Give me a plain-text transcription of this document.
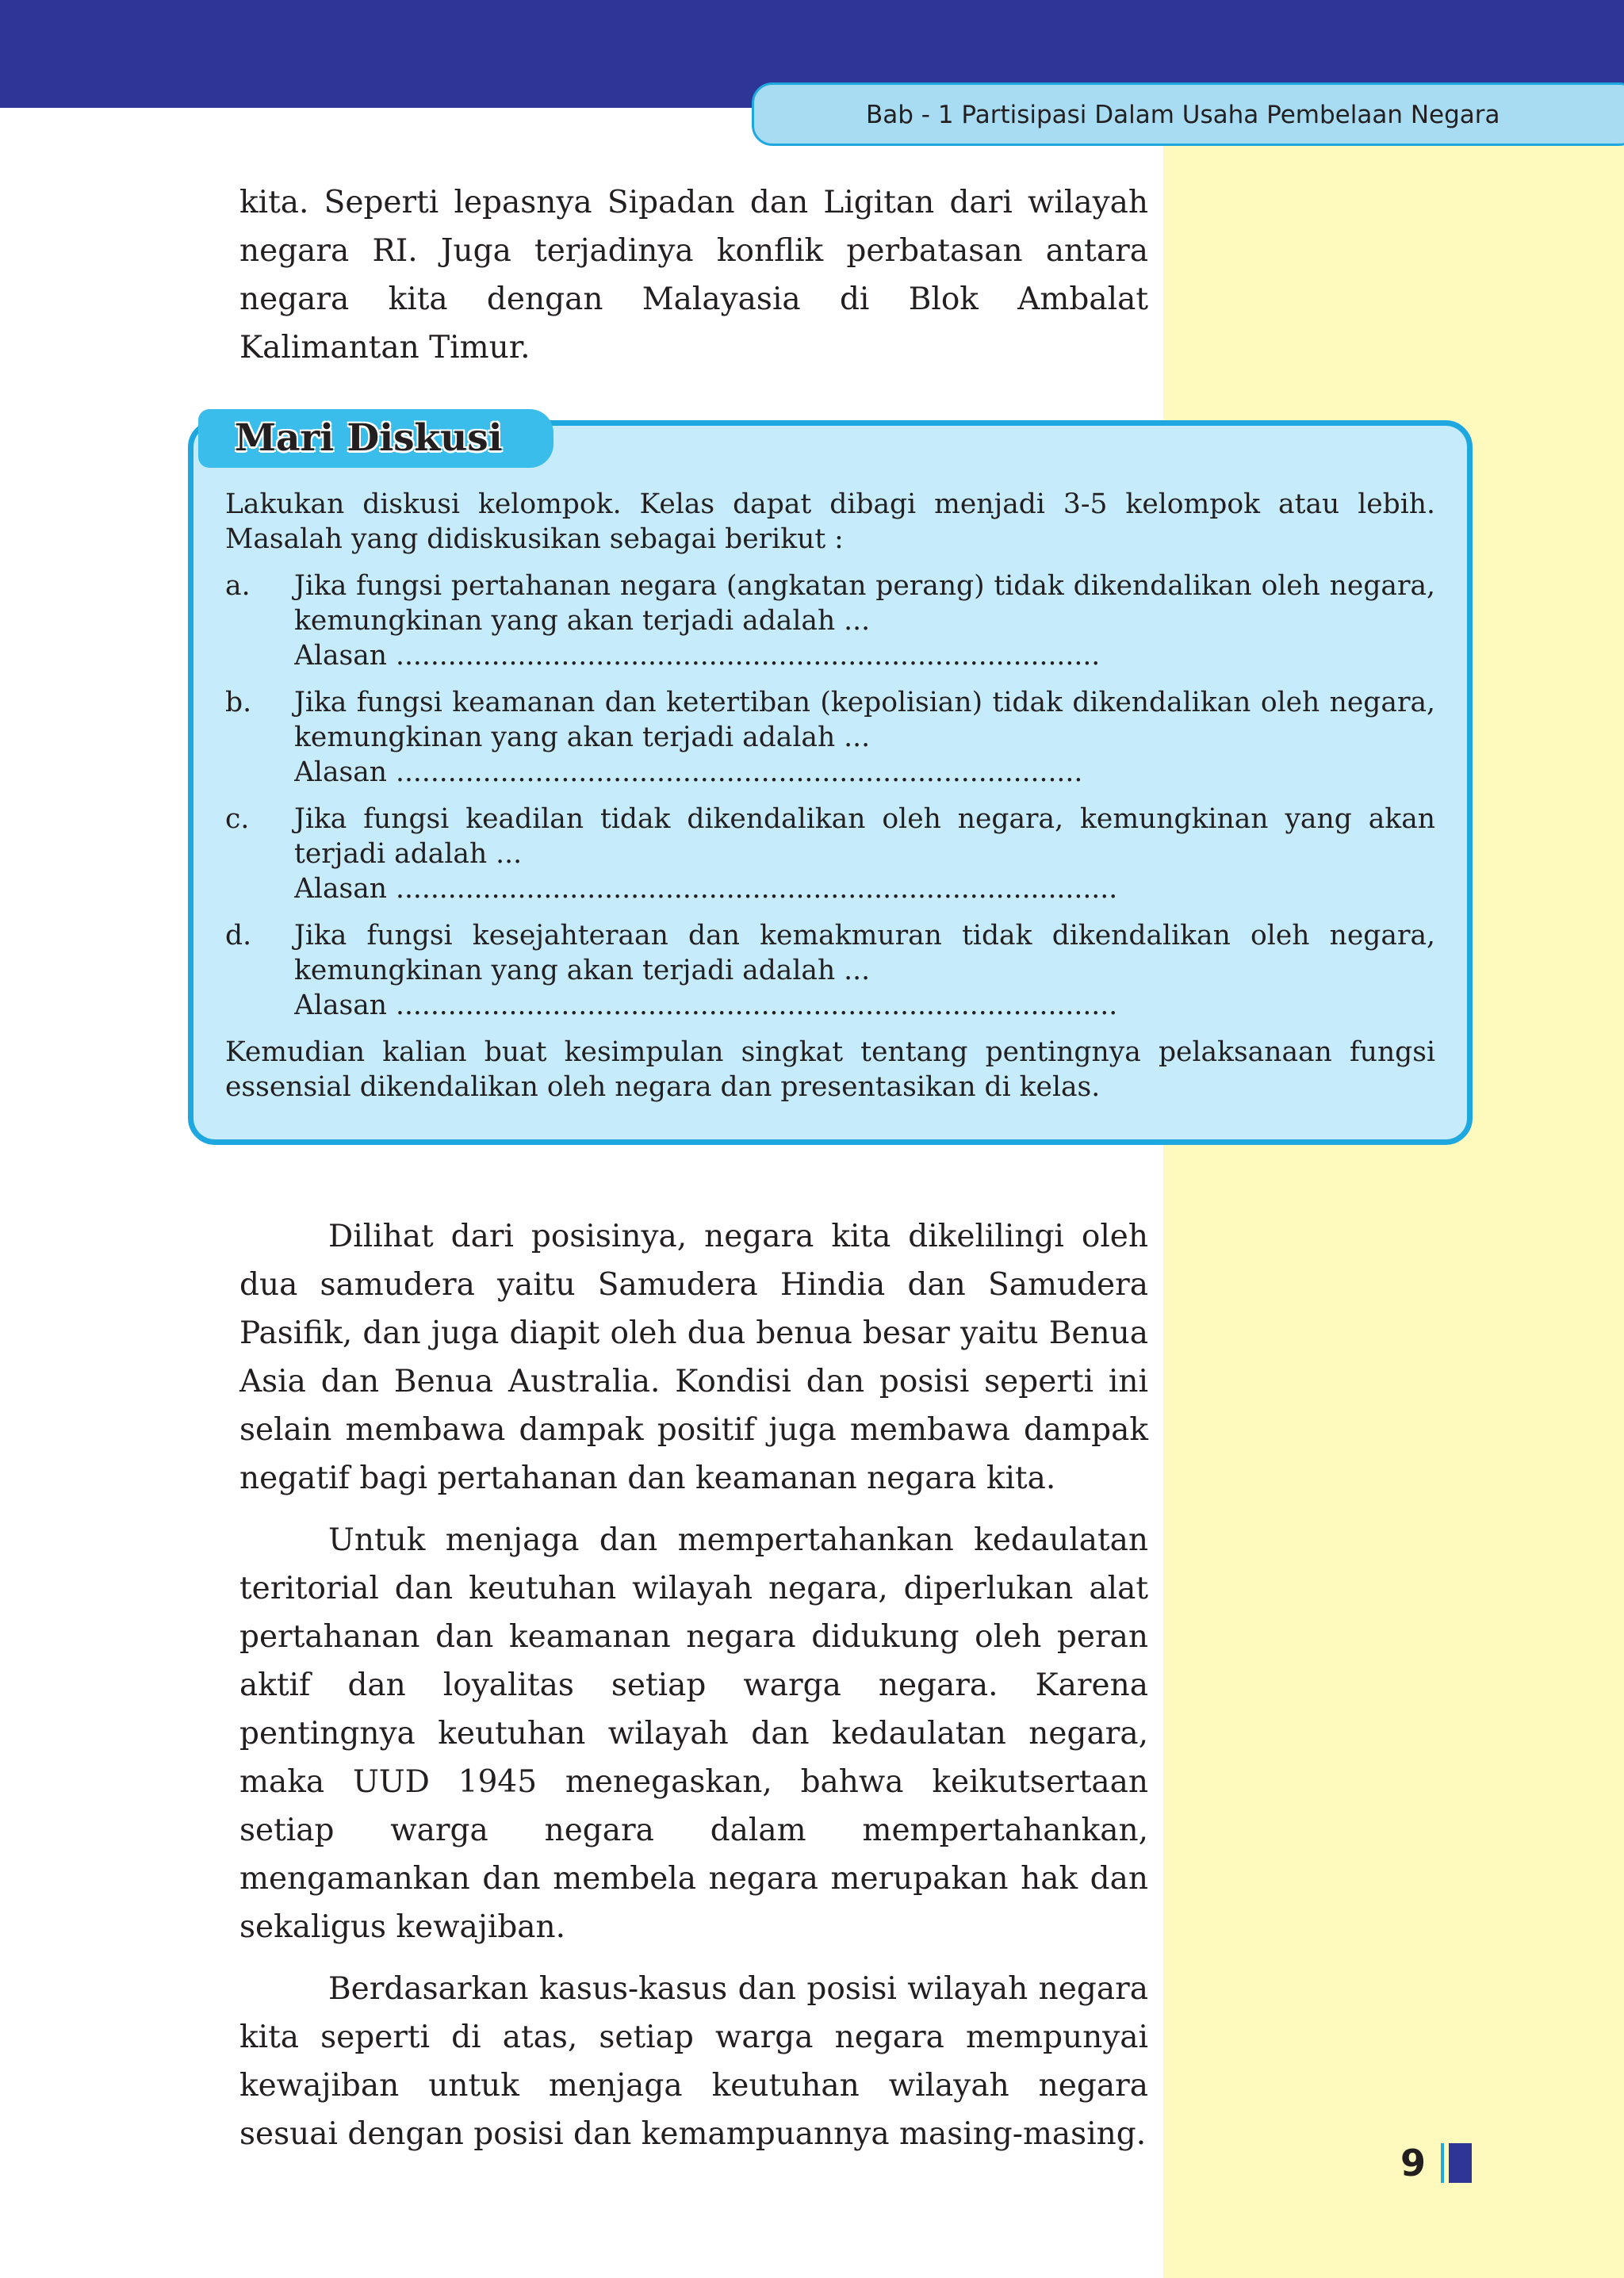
Bab - 1 Partisipasi Dalam Usaha Pembelaan Negara

kita. Seperti lepasnya Sipadan dan Ligitan dari wilayah negara RI. Juga terjadinya konflik perbatasan antara negara kita dengan Malayasia di Blok Ambalat Kalimantan Timur.

Mari Diskusi

Lakukan diskusi kelompok. Kelas dapat dibagi menjadi 3-5 kelompok atau lebih. Masalah yang didiskusikan sebagai berikut :

a. Jika fungsi pertahanan negara (angkatan perang) tidak dikendalikan oleh negara, kemungkinan yang akan terjadi adalah ...

Alasan .................................................................................

b. Jika fungsi keamanan dan ketertiban (kepolisian) tidak dikendalikan oleh negara, kemungkinan yang akan terjadi adalah ...

Alasan ...............................................................................

c. Jika fungsi keadilan tidak dikendalikan oleh negara, kemungkinan yang akan terjadi adalah ...

Alasan ...................................................................................

d. Jika fungsi kesejahteraan dan kemakmuran tidak dikendalikan oleh negara, kemungkinan yang akan terjadi adalah ...

Alasan ...................................................................................

Kemudian kalian buat kesimpulan singkat tentang pentingnya pelaksanaan fungsi essensial dikendalikan oleh negara dan presentasikan di kelas.

Dilihat dari posisinya, negara kita dikelilingi oleh dua samudera yaitu Samudera Hindia dan Samudera Pasifik, dan juga diapit oleh dua benua besar yaitu Benua Asia dan Benua Australia. Kondisi dan posisi seperti ini selain membawa dampak positif juga membawa dampak negatif bagi pertahanan dan keamanan negara kita.

Untuk menjaga dan mempertahankan kedaulatan teritorial dan keutuhan wilayah negara, diperlukan alat pertahanan dan keamanan negara didukung oleh peran aktif dan loyalitas setiap warga negara. Karena pentingnya keutuhan wilayah dan kedaulatan negara, maka UUD 1945 menegaskan, bahwa keikutsertaan setiap warga negara dalam mempertahankan, mengamankan dan membela negara merupakan hak dan sekaligus kewajiban.

Berdasarkan kasus-kasus dan posisi wilayah negara kita seperti di atas, setiap warga negara mempunyai kewajiban untuk menjaga keutuhan wilayah negara sesuai dengan posisi dan kemampuannya masing-masing.

9
